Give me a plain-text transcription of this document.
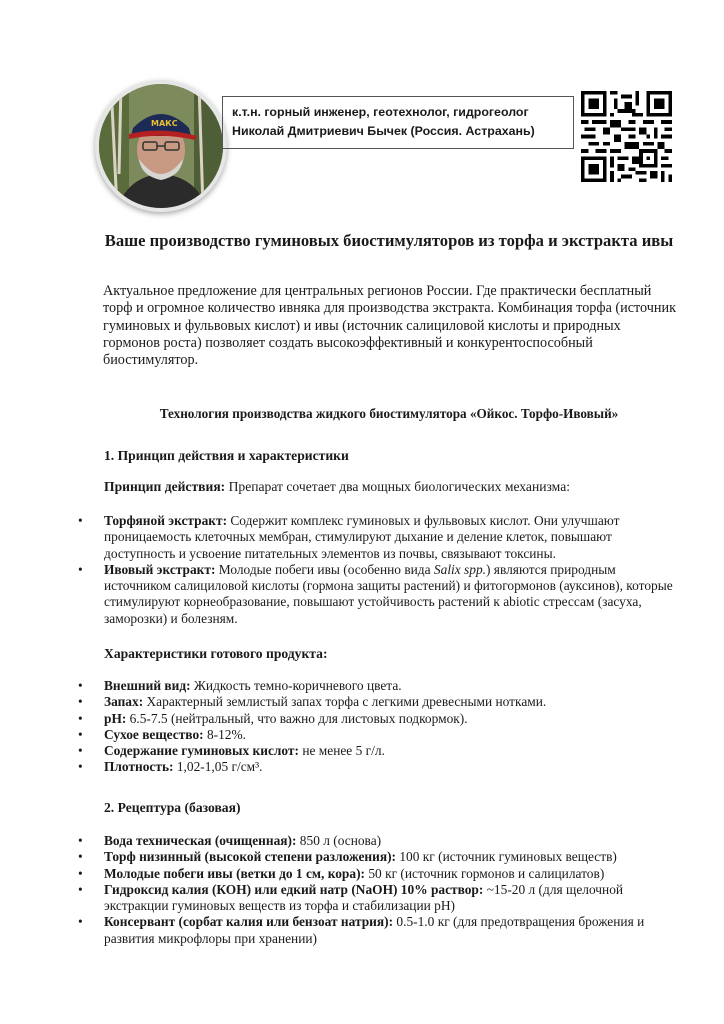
МАКС
к.т.н. горный инженер, геотехнолог, гидрогеолог
Николай Дмитриевич Бычек (Россия. Астрахань)
Ваше производство гуминовых биостимуляторов из торфа и экстракта ивы
Актуальное предложение для центральных регионов России. Где практически бесплатный торф и огромное количество ивняка для производства экстракта. Комбинация торфа (источник гуминовых и фульвовых кислот) и ивы (источник салициловой кислоты и природных гормонов роста) позволяет создать высокоэффективный и конкурентоспособный биостимулятор.
Технология производства жидкого биостимулятора «Ойкос. Торфо-Ивовый»
1. Принцип действия и характеристики
Принцип действия: Препарат сочетает два мощных биологических механизма:
• Торфяной экстракт: Содержит комплекс гуминовых и фульвовых кислот. Они улучшают проницаемость клеточных мембран, стимулируют дыхание и деление клеток, повышают доступность и усвоение питательных элементов из почвы, связывают токсины.
• Ивовый экстракт: Молодые побеги ивы (особенно вида Salix spp.) являются природным источником салициловой кислоты (гормона защиты растений) и фитогормонов (ауксинов), которые стимулируют корнеобразование, повышают устойчивость растений к abiotic стрессам (засуха, заморозки) и болезням.
Характеристики готового продукта:
• Внешний вид: Жидкость темно-коричневого цвета.
• Запах: Характерный землистый запах торфа с легкими древесными нотками.
• pH: 6.5-7.5 (нейтральный, что важно для листовых подкормок).
• Сухое вещество: 8-12%.
• Содержание гуминовых кислот: не менее 5 г/л.
• Плотность: 1,02-1,05 г/см³.
2. Рецептура (базовая)
• Вода техническая (очищенная): 850 л (основа)
• Торф низинный (высокой степени разложения): 100 кг (источник гуминовых веществ)
• Молодые побеги ивы (ветки до 1 см, кора): 50 кг (источник гормонов и салицилатов)
• Гидроксид калия (КОН) или едкий натр (NaOH) 10% раствор: ~15-20 л (для щелочной экстракции гуминовых веществ из торфа и стабилизации pH)
• Консервант (сорбат калия или бензоат натрия): 0.5-1.0 кг (для предотвращения брожения и развития микрофлоры при хранении)
